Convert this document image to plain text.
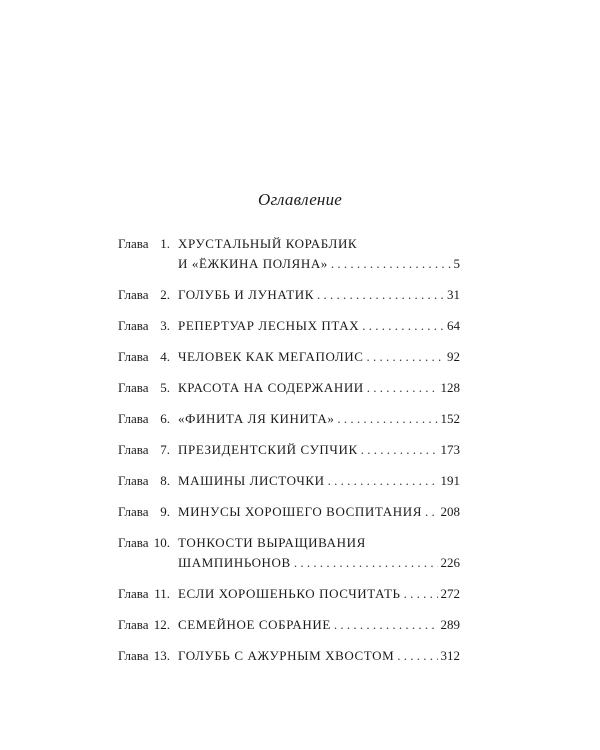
Оглавление
Глава 1. ХРУСТАЛЬНЫЙ КОРАБЛИК
И «ЁЖКИНА ПОЛЯНА» . . .	5
Глава 2. ГОЛУБЬ И ЛУНАТИК . . .	31
Глава 3. РЕПЕРТУАР ЛЕСНЫХ ПТАХ . . .	64
Глава 4. ЧЕЛОВЕК КАК МЕГАПОЛИС . . .	92
Глава 5. КРАСОТА НА СОДЕРЖАНИИ . . .	128
Глава 6. «ФИНИТА ЛЯ КИНИТА» . . .	152
Глава 7. ПРЕЗИДЕНТСКИЙ СУПЧИК . . .	173
Глава 8. МАШИНЫ ЛИСТОЧКИ . . .	191
Глава 9. МИНУСЫ ХОРОШЕГО ВОСПИТАНИЯ . . . 208
Глава 10. ТОНКОСТИ ВЫРАЩИВАНИЯ
ШАМПИНЬОНОВ . . .	226
Глава 11. ЕСЛИ ХОРОШЕНЬКО ПОСЧИТАТЬ . . .	272
Глава 12. СЕМЕЙНОЕ СОБРАНИЕ . . .	289
Глава 13. ГОЛУБЬ С АЖУРНЫМ ХВОСТОМ . . .	312
